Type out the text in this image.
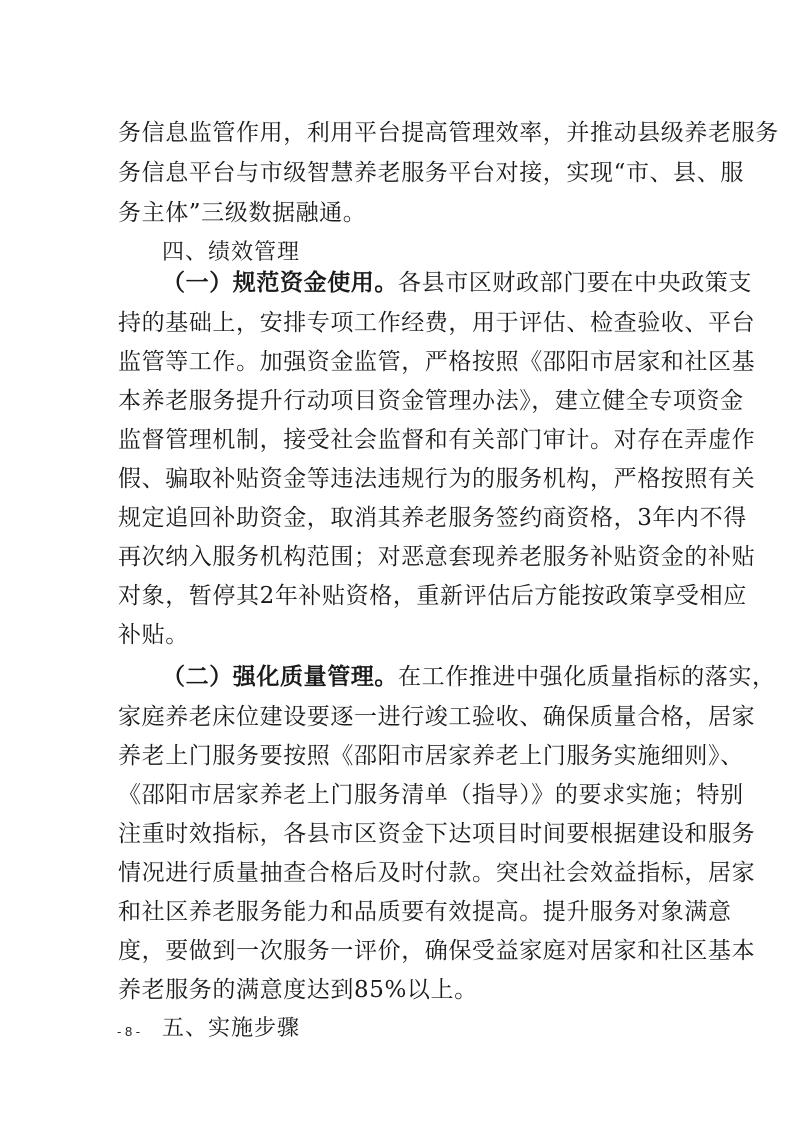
务信息监管作用，利用平台提高管理效率，并推动县级养老服务
务信息平台与市级智慧养老服务平台对接，实现“市、县、服
务主体”三级数据融通。
四、绩效管理
（一）规范资金使用。各县市区财政部门要在中央政策支
持的基础上，安排专项工作经费，用于评估、检查验收、平台
监管等工作。加强资金监管，严格按照《邵阳市居家和社区基
本养老服务提升行动项目资金管理办法》，建立健全专项资金
监督管理机制，接受社会监督和有关部门审计。对存在弄虚作
假、骗取补贴资金等违法违规行为的服务机构，严格按照有关
规定追回补助资金，取消其养老服务签约商资格，3年内不得
再次纳入服务机构范围；对恶意套现养老服务补贴资金的补贴
对象，暂停其2年补贴资格，重新评估后方能按政策享受相应
补贴。
（二）强化质量管理。在工作推进中强化质量指标的落实，
家庭养老床位建设要逐一进行竣工验收、确保质量合格，居家
养老上门服务要按照《邵阳市居家养老上门服务实施细则》、
《邵阳市居家养老上门服务清单（指导）》的要求实施；特别
注重时效指标，各县市区资金下达项目时间要根据建设和服务
情况进行质量抽查合格后及时付款。突出社会效益指标，居家
和社区养老服务能力和品质要有效提高。提升服务对象满意
度，要做到一次服务一评价，确保受益家庭对居家和社区基本
养老服务的满意度达到85%以上。
五、实施步骤
- 8 -
